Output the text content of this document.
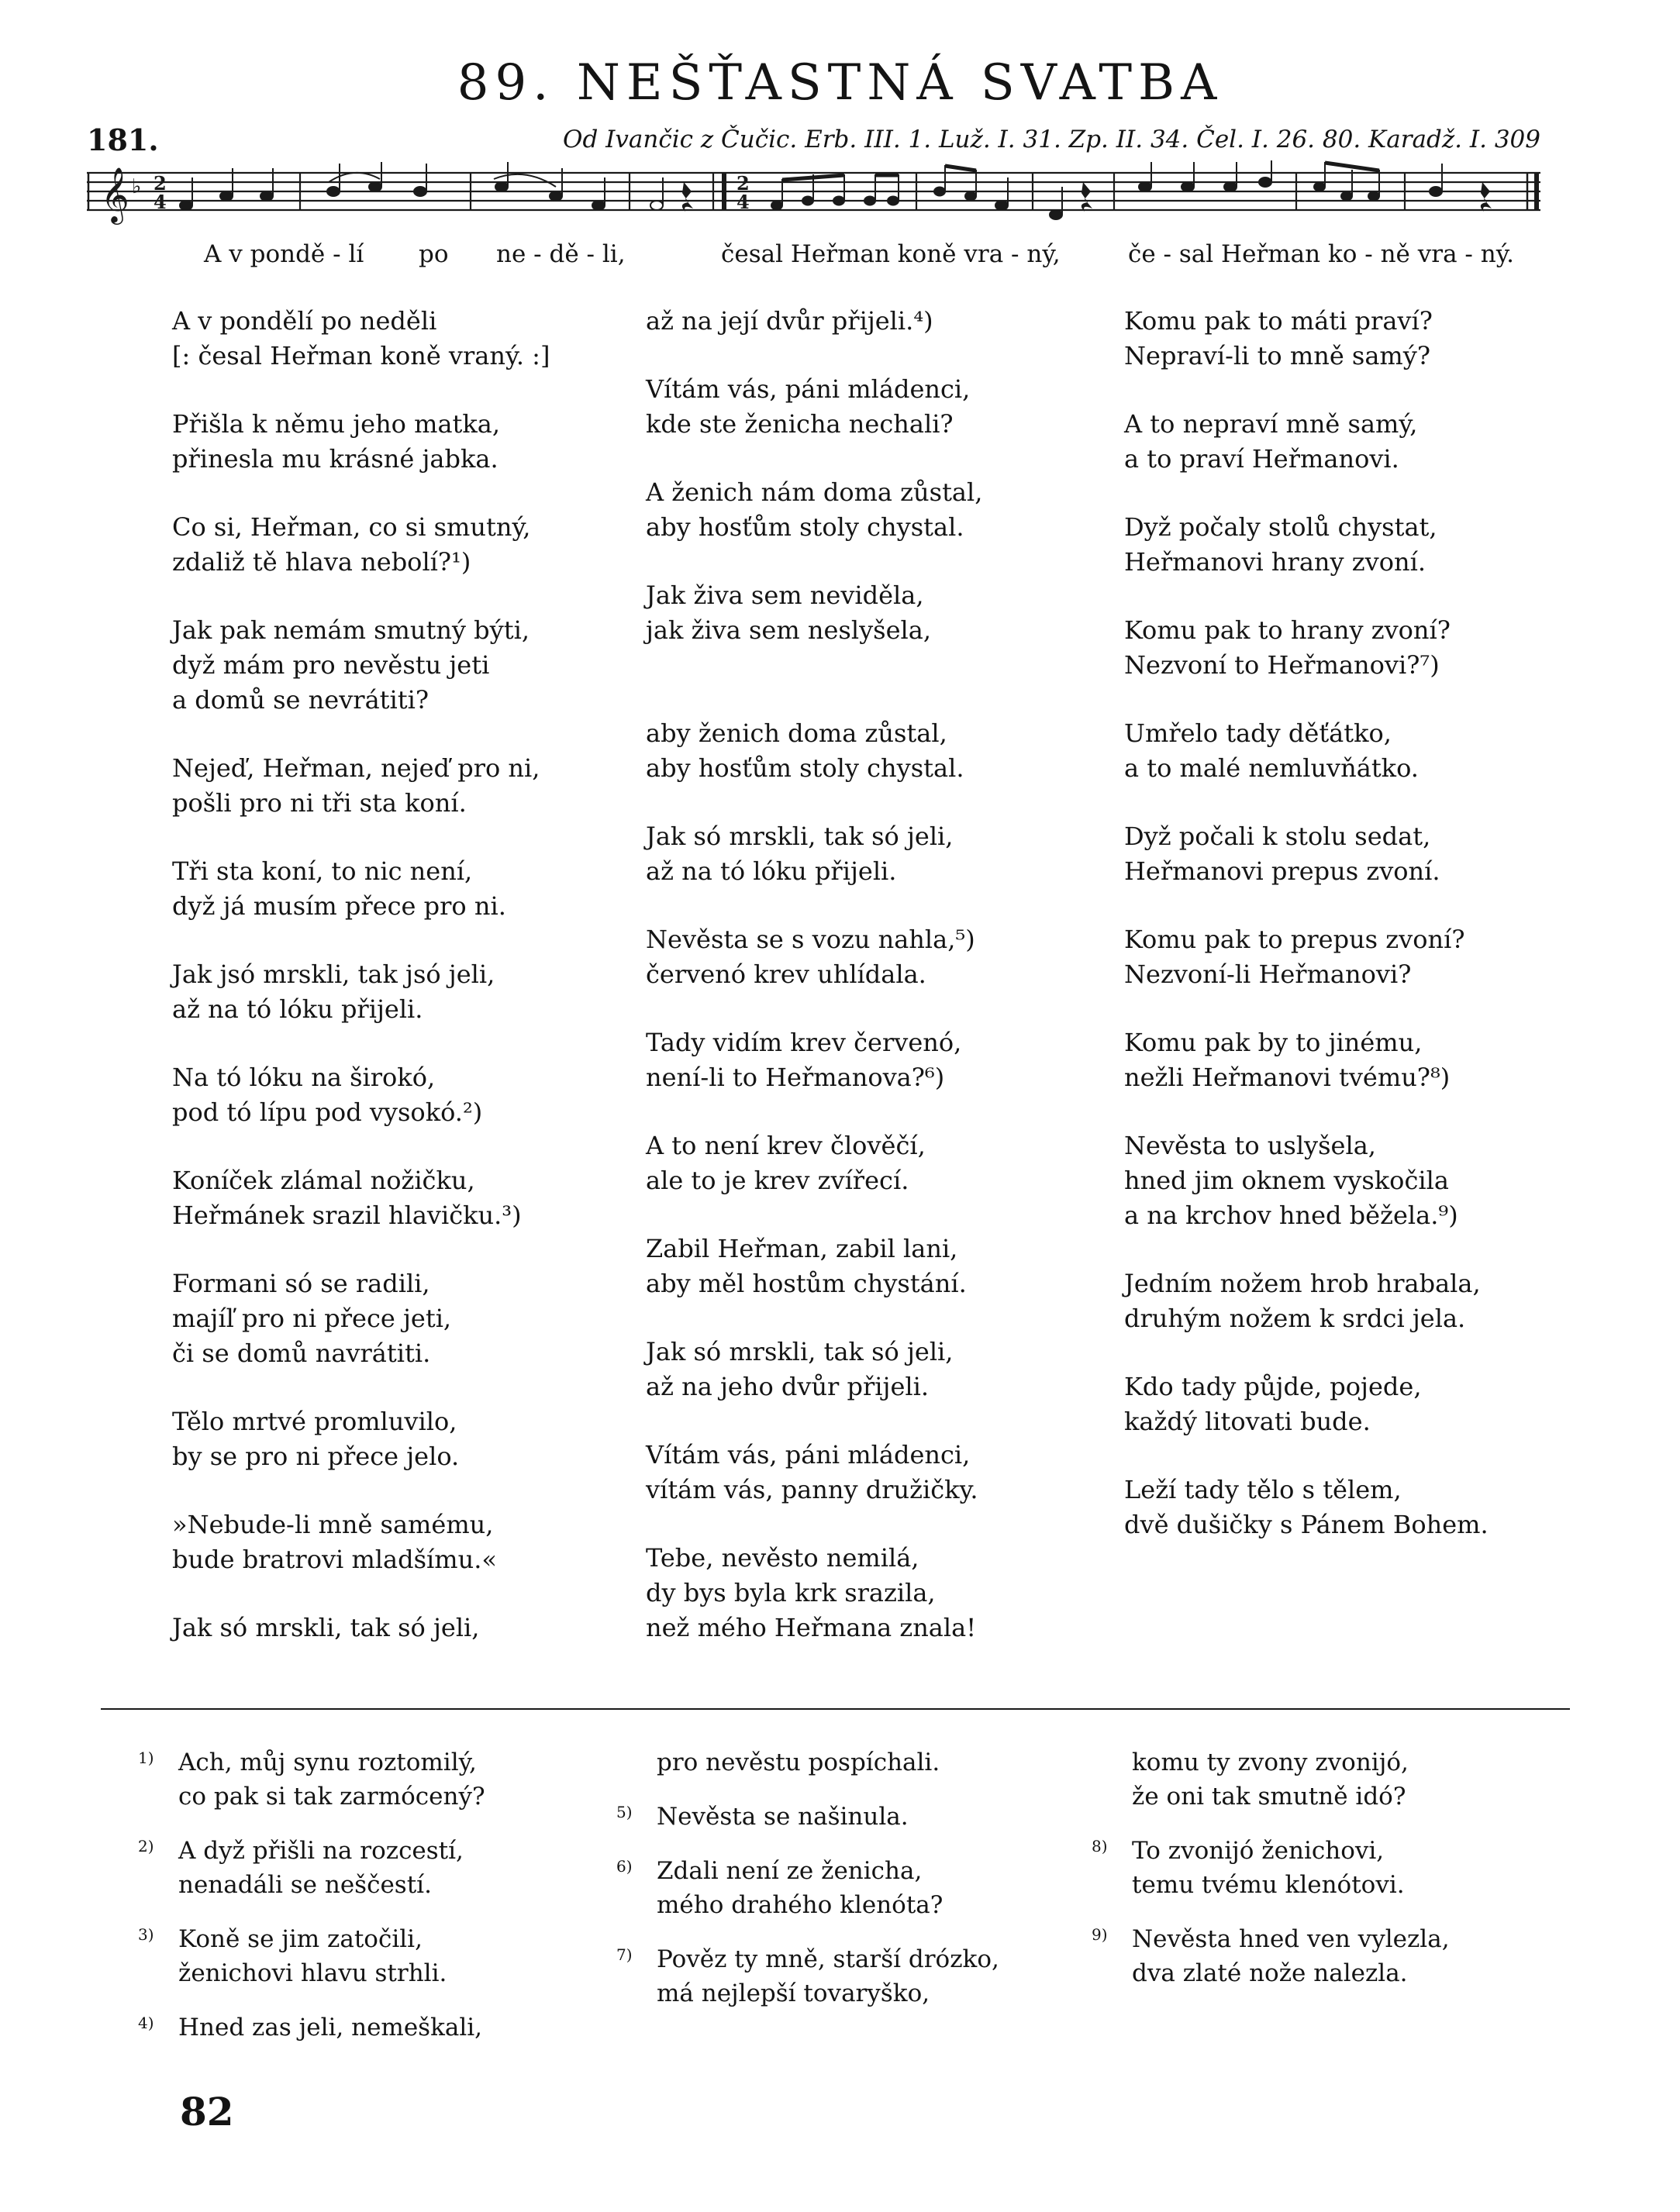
89. NEŠŤASTNÁ SVATBA
181.	Od Ivančic z Čučic. Erb. III. 1. Luž. I. 31. Zp. II. 34. Čel. I. 26. 80. Karadž. I. 309
𝄞 ♭ 2
4
2
4
A v pondě - lí po ne - dě - li,	česal Heřman koně vra - ný,	če - sal Heřman ko - ně vra - ný.
A v pondělí po neděli
[: česal Heřman koně vraný. :]
Přišla k němu jeho matka,
přinesla mu krásné jabka.
Co si, Heřman, co si smutný,
zdaliž tě hlava nebolí?¹)
Jak pak nemám smutný býti,
dyž mám pro nevěstu jeti
a domů se nevrátiti?
Nejeď, Heřman, nejeď pro ni,
pošli pro ni tři sta koní.
Tři sta koní, to nic není,
dyž já musím přece pro ni.
Jak jsó mrskli, tak jsó jeli,
až na tó lóku přijeli.
Na tó lóku na širokó,
pod tó lípu pod vysokó.²)
Koníček zlámal nožičku,
Heřmánek srazil hlavičku.³)
Formani só se radili,
majíľ pro ni přece jeti,
či se domů navrátiti.
Tělo mrtvé promluvilo,
by se pro ni přece jelo.
»Nebude-li mně samému,
bude bratrovi mladšímu.«
Jak só mrskli, tak só jeli,
až na její dvůr přijeli.⁴)
Vítám vás, páni mládenci,
kde ste ženicha nechali?
A ženich nám doma zůstal,
aby hosťům stoly chystal.
Jak živa sem neviděla,
jak živa sem neslyšela,
aby ženich doma zůstal,
aby hosťům stoly chystal.
Jak só mrskli, tak só jeli,
až na tó lóku přijeli.
Nevěsta se s vozu nahla,⁵)
červenó krev uhlídala.
Tady vidím krev červenó,
není-li to Heřmanova?⁶)
A to není krev člověčí,
ale to je krev zvířecí.
Zabil Heřman, zabil lani,
aby měl hostům chystání.
Jak só mrskli, tak só jeli,
až na jeho dvůr přijeli.
Vítám vás, páni mládenci,
vítám vás, panny družičky.
Tebe, nevěsto nemilá,
dy bys byla krk srazila,
než mého Heřmana znala!
Komu pak to máti praví?
Nepraví-li to mně samý?
A to nepraví mně samý,
a to praví Heřmanovi.
Dyž počaly stolů chystat,
Heřmanovi hrany zvoní.
Komu pak to hrany zvoní?
Nezvoní to Heřmanovi?⁷)
Umřelo tady děťátko,
a to malé nemluvňátko.
Dyž počali k stolu sedat,
Heřmanovi prepus zvoní.
Komu pak to prepus zvoní?
Nezvoní-li Heřmanovi?
Komu pak by to jinému,
nežli Heřmanovi tvému?⁸)
Nevěsta to uslyšela,
hned jim oknem vyskočila
a na krchov hned běžela.⁹)
Jedním nožem hrob hrabala,
druhým nožem k srdci jela.
Kdo tady půjde, pojede,
každý litovati bude.
Leží tady tělo s tělem,
dvě dušičky s Pánem Bohem.
1) Ach, můj synu roztomilý,
co pak si tak zarmócený?
2) A dyž přišli na rozcestí,
nenadáli se neščestí.
3) Koně se jim zatočili,
ženichovi hlavu strhli.
4) Hned zas jeli, nemeškali,
pro nevěstu pospíchali.
5) Nevěsta se našinula.
6) Zdali není ze ženicha,
mého drahého klenóta?
7) Pověz ty mně, starší drózko,
má nejlepší tovaryško,
komu ty zvony zvonijó,
že oni tak smutně idó?
8) To zvonijó ženichovi,
temu tvému klenótovi.
9) Nevěsta hned ven vylezla,
dva zlaté nože nalezla.
82
